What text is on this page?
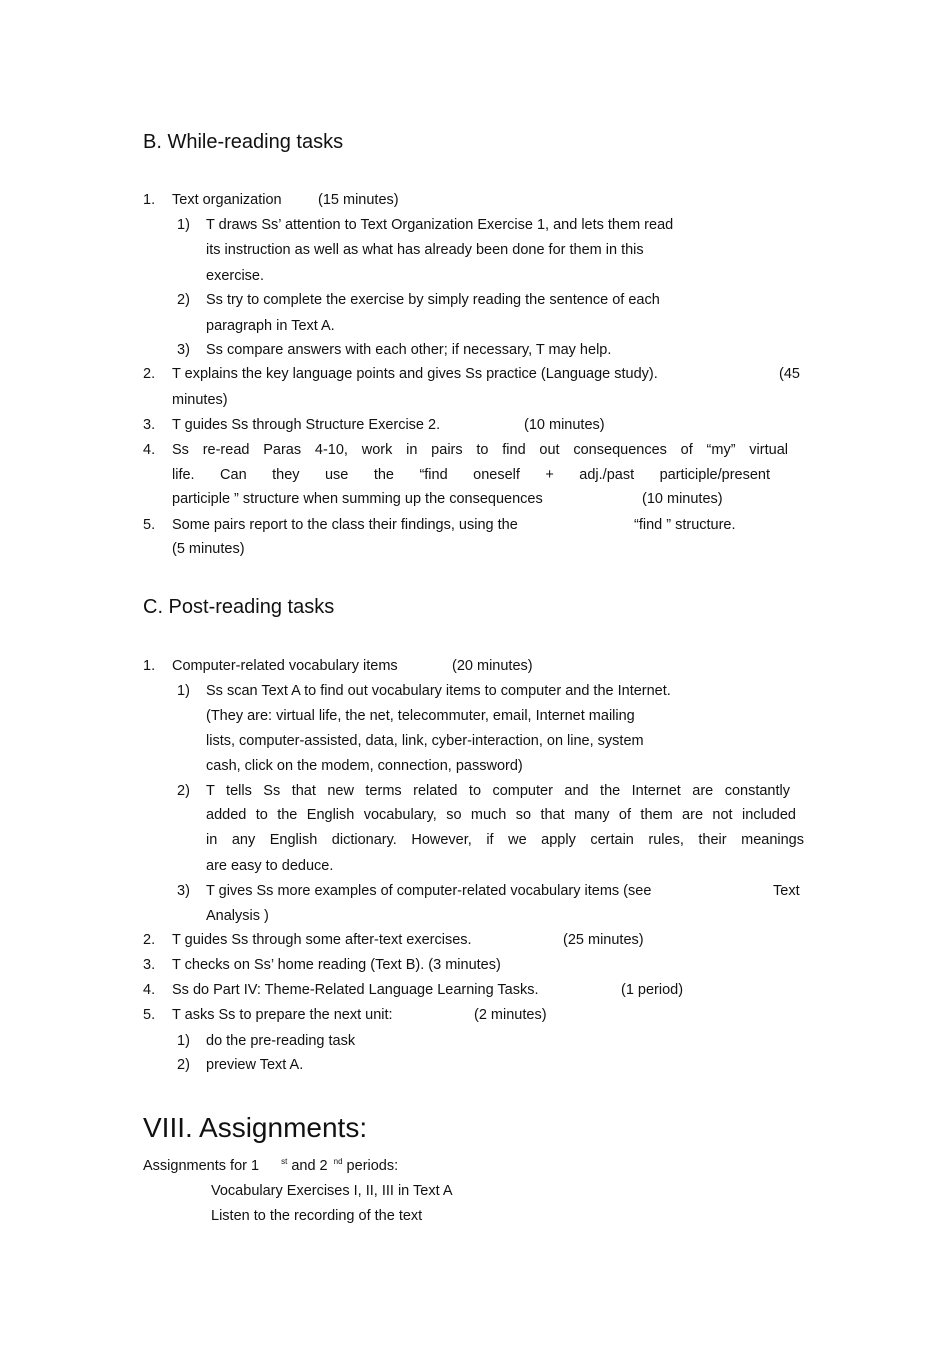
B. While-reading tasks
1. Text organization	(15 minutes)
1) T draws Ss’ attention to Text Organization Exercise 1, and lets them read
its instruction as well as what has already been done for them in this
exercise.
2) Ss try to complete the exercise by simply reading the sentence of each
paragraph in Text A.
3) Ss compare answers with each other; if necessary, T may help.
2. T explains the key language points and gives Ss practice (Language study).	(45
minutes)
3. T guides Ss through Structure Exercise 2.	(10 minutes)
4. Ss re-read Paras 4-10, work in pairs to find out consequences of “my” virtual
life. Can they use the “find oneself + adj./past participle/present
participle ” structure when summing up the consequences	(10 minutes)
5. Some pairs report to the class their findings, using the	“find ” structure.
(5 minutes)
C. Post-reading tasks
1. Computer-related vocabulary items	(20 minutes)
1) Ss scan Text A to find out vocabulary items to computer and the Internet.
(They are: virtual life, the net, telecommuter, email, Internet mailing
lists, computer-assisted, data, link, cyber-interaction, on line, system
cash, click on the modem, connection, password)
2) T tells Ss that new terms related to computer and the Internet are constantly
added to the English vocabulary, so much so that many of them are not included
in any English dictionary. However, if we apply certain rules, their meanings
are easy to deduce.
3) T gives Ss more examples of computer-related vocabulary items (see	Text
Analysis )
2. T guides Ss through some after-text exercises.	(25 minutes)
3. T checks on Ss’ home reading (Text B). (3 minutes)
4. Ss do Part IV: Theme-Related Language Learning Tasks.	(1 period)
5. T asks Ss to prepare the next unit:	(2 minutes)
1) do the pre-reading task
2) preview Text A.
VIII. Assignments:
Assignments for 1	$^{st}$ and 2 $^{nd}$ periods:
Vocabulary Exercises I, II, III in Text A
Listen to the recording of the text
